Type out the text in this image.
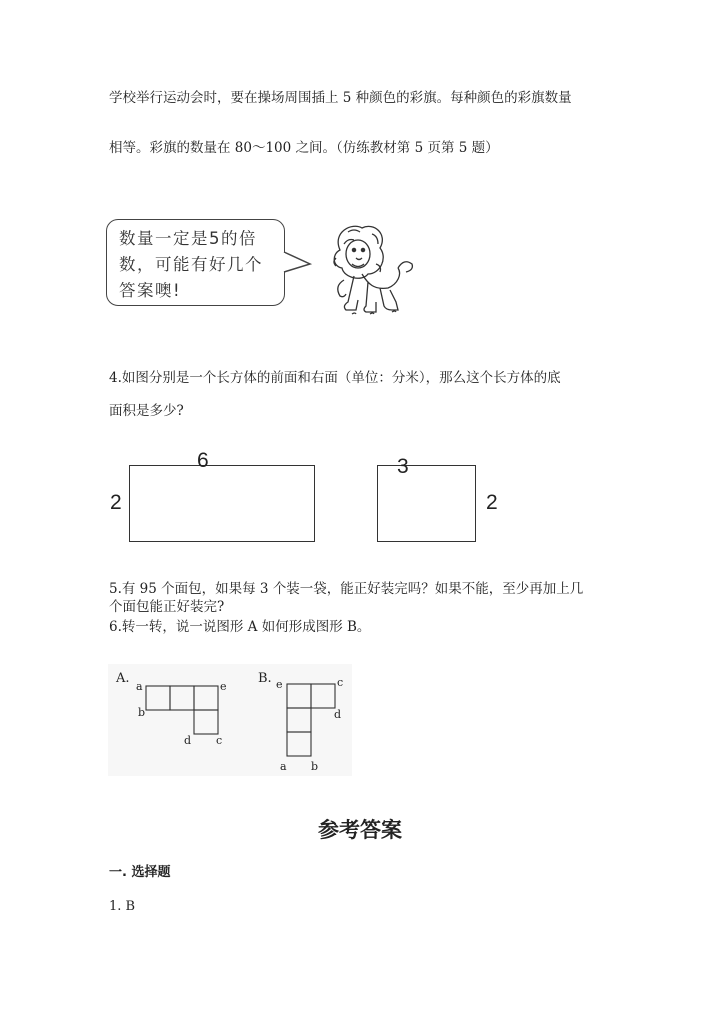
学校举行运动会时，要在操场周围插上 5 种颜色的彩旗。每种颜色的彩旗数量
相等。彩旗的数量在 80～100 之间。（仿练教材第 5 页第 5 题）
数量一定是5的倍数，可能有好几个答案噢!
4.如图分别是一个长方体的前面和右面（单位：分米），那么这个长方体的底
面积是多少?
6
2
3
2
5.有 95 个面包，如果每 3 个装一袋，能正好装完吗？如果不能，至少再加上几
个面包能正好装完?
6.转一转，说一说图形 A 如何形成图形 B。
A.
a
b
e
d c
B. e	c
d
a b
参考答案
一. 选择题
1. B
